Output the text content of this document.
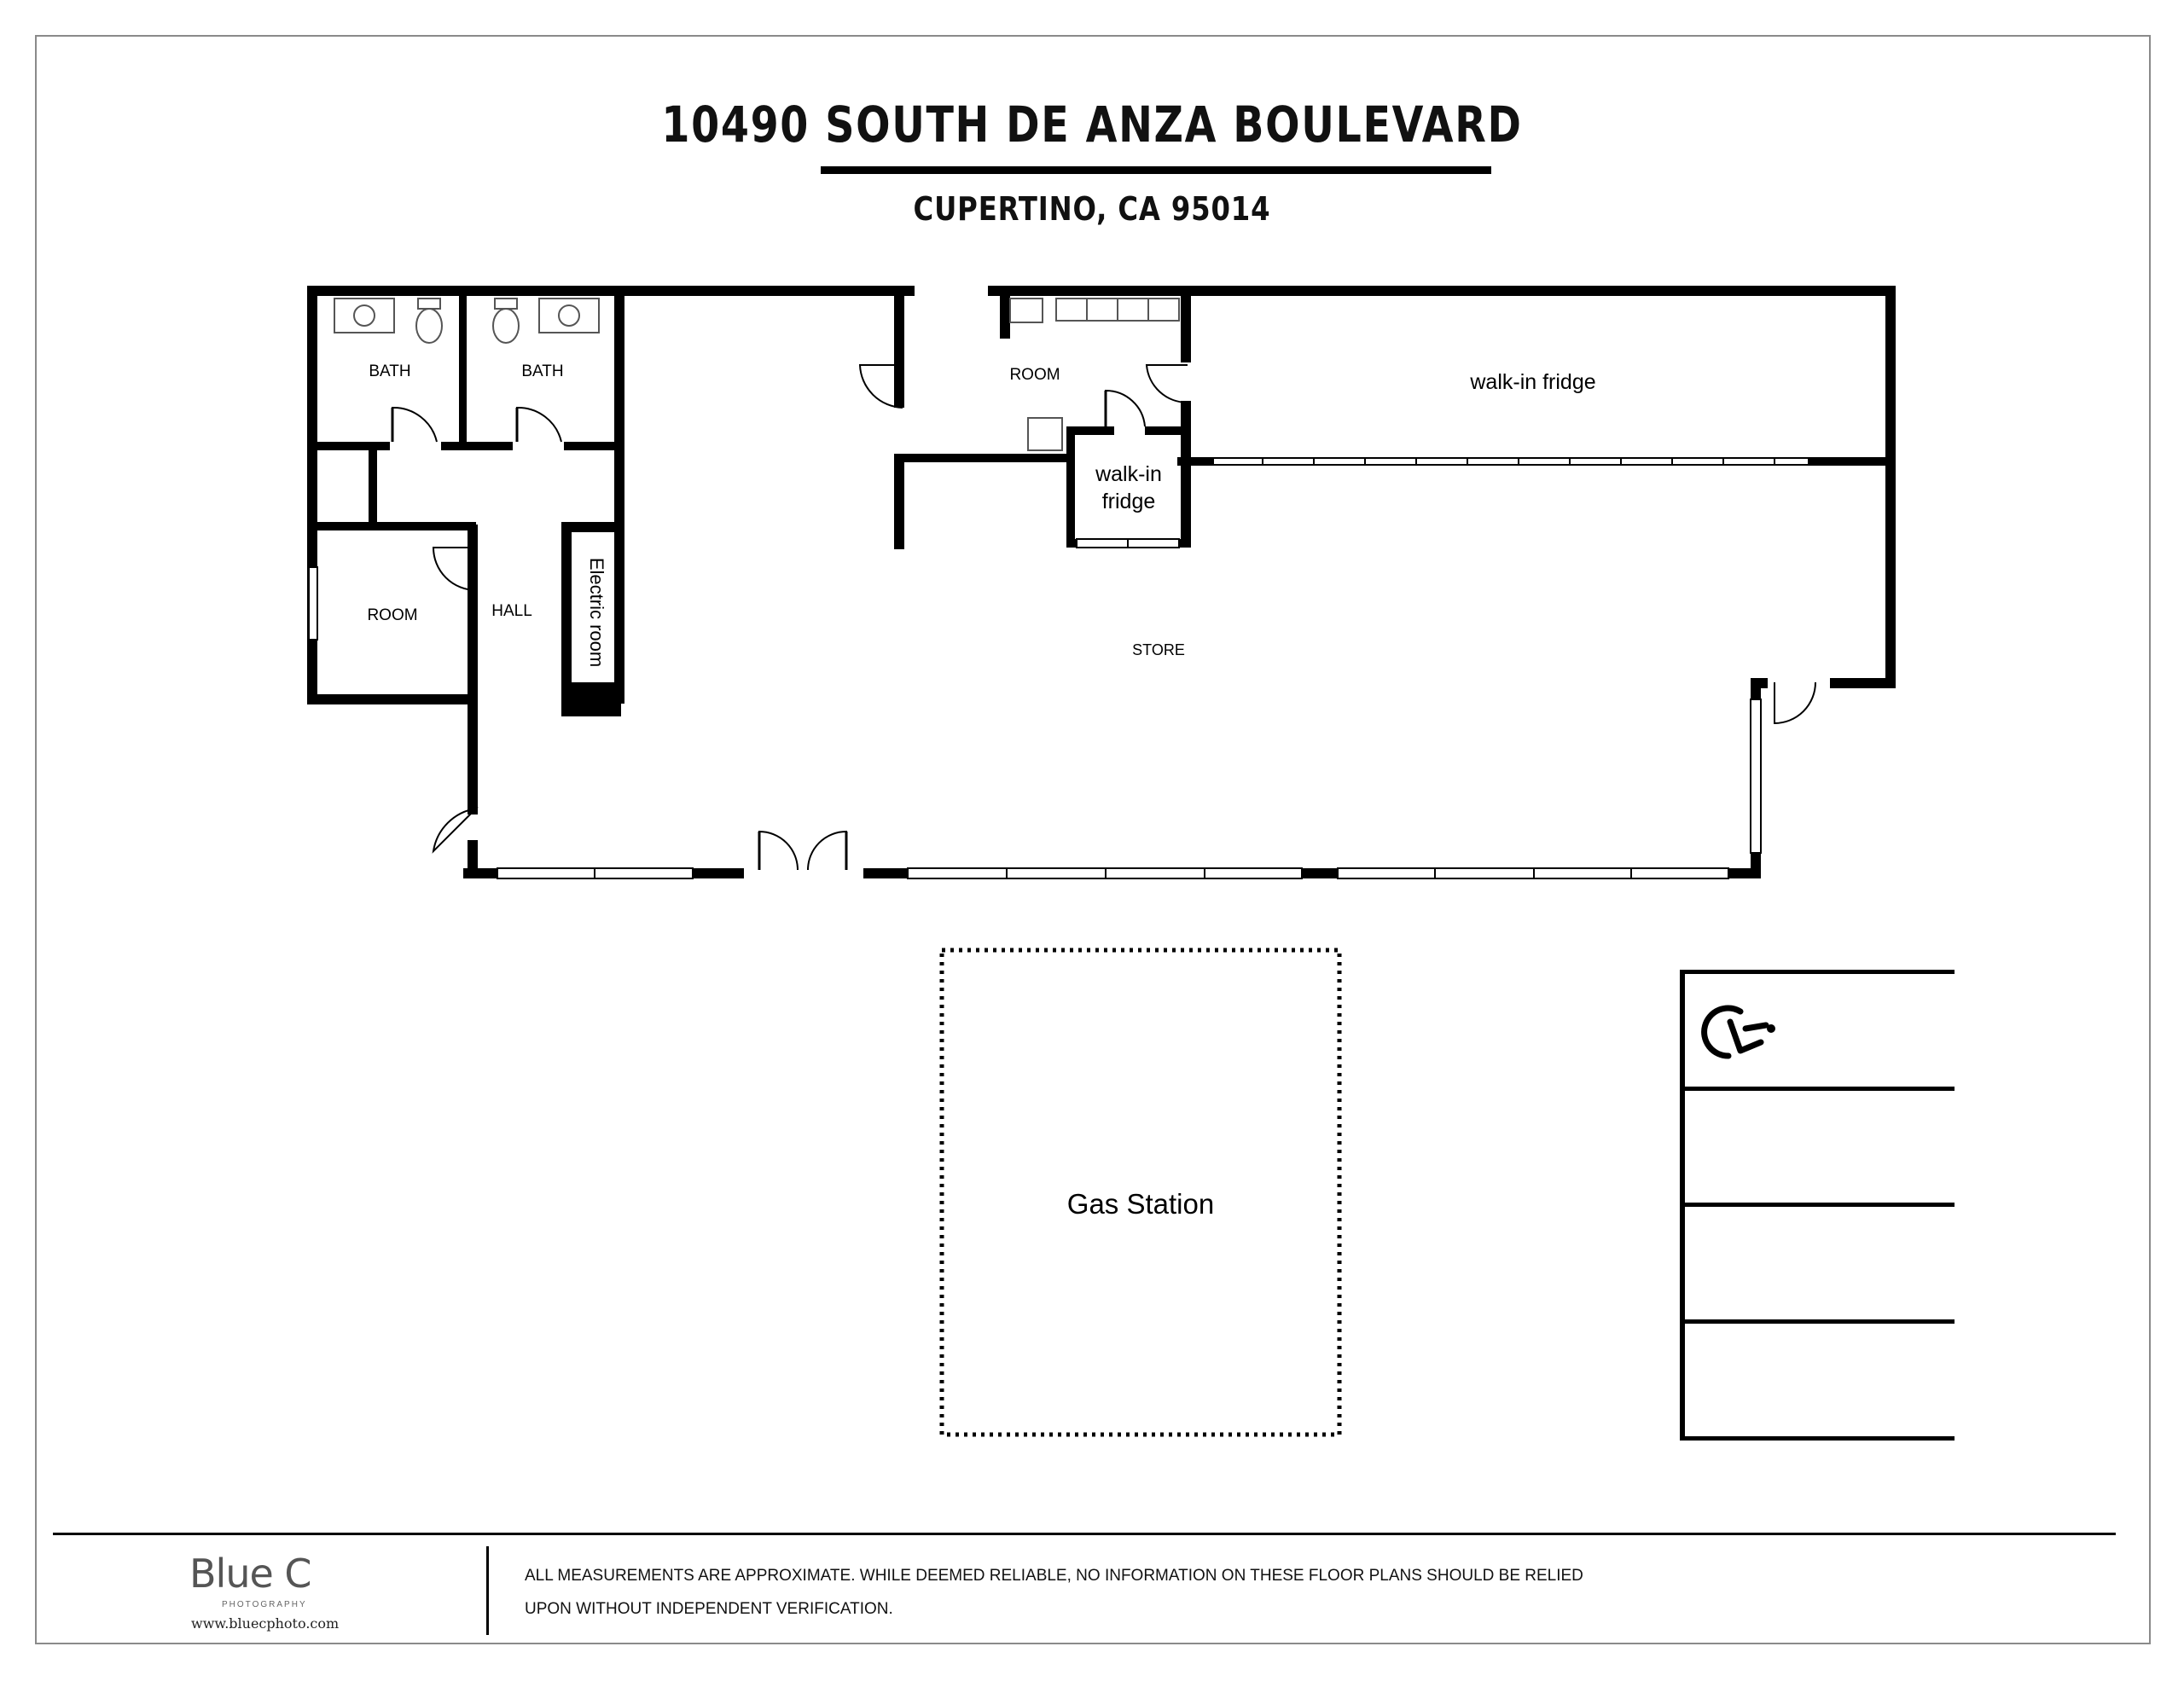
10490 SOUTH DE ANZA BOULEVARD
CUPERTINO, CA 95014
BATH	BATH
ROOM	HALL	Electric room
ROOM
walk-in
fridge
walk-in fridge
STORE
Gas Station
Blue C
PHOTOGRAPHY
www.bluecphoto.com
ALL MEASUREMENTS ARE APPROXIMATE. WHILE DEEMED RELIABLE, NO INFORMATION ON THESE FLOOR PLANS SHOULD BE RELIED
UPON WITHOUT INDEPENDENT VERIFICATION.
